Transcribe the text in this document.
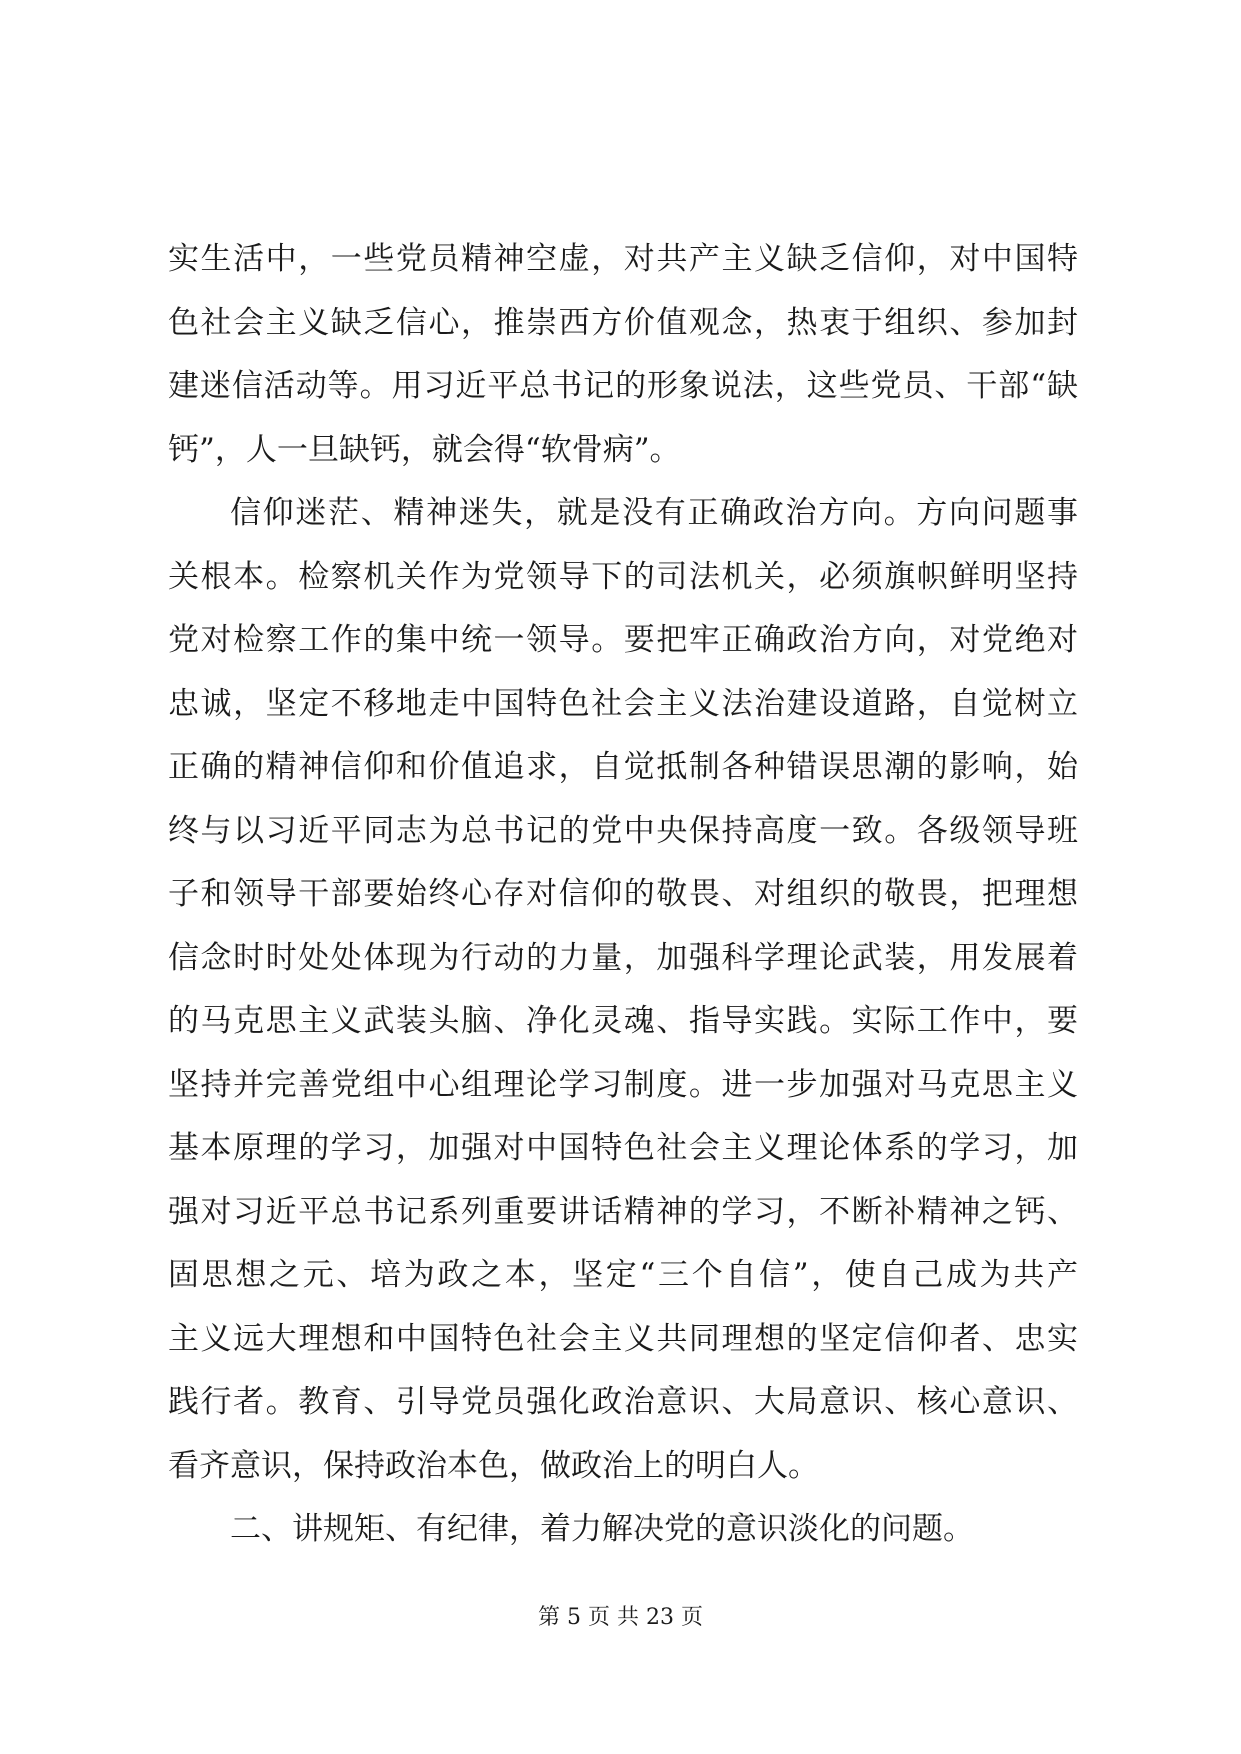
实生活中，一些党员精神空虚，对共产主义缺乏信仰，对中国特
色社会主义缺乏信心，推崇西方价值观念，热衷于组织、参加封
建迷信活动等。用习近平总书记的形象说法，这些党员、干部“缺
钙”，人一旦缺钙，就会得“软骨病”。
信仰迷茫、精神迷失，就是没有正确政治方向。方向问题事
关根本。检察机关作为党领导下的司法机关，必须旗帜鲜明坚持
党对检察工作的集中统一领导。要把牢正确政治方向，对党绝对
忠诚，坚定不移地走中国特色社会主义法治建设道路，自觉树立
正确的精神信仰和价值追求，自觉抵制各种错误思潮的影响，始
终与以习近平同志为总书记的党中央保持高度一致。各级领导班
子和领导干部要始终心存对信仰的敬畏、对组织的敬畏，把理想
信念时时处处体现为行动的力量，加强科学理论武装，用发展着
的马克思主义武装头脑、净化灵魂、指导实践。实际工作中，要
坚持并完善党组中心组理论学习制度。进一步加强对马克思主义
基本原理的学习，加强对中国特色社会主义理论体系的学习，加
强对习近平总书记系列重要讲话精神的学习，不断补精神之钙、
固思想之元、培为政之本，坚定“三个自信”，使自己成为共产
主义远大理想和中国特色社会主义共同理想的坚定信仰者、忠实
践行者。教育、引导党员强化政治意识、大局意识、核心意识、
看齐意识，保持政治本色，做政治上的明白人。
二、讲规矩、有纪律，着力解决党的意识淡化的问题。
第 5 页 共 23 页
